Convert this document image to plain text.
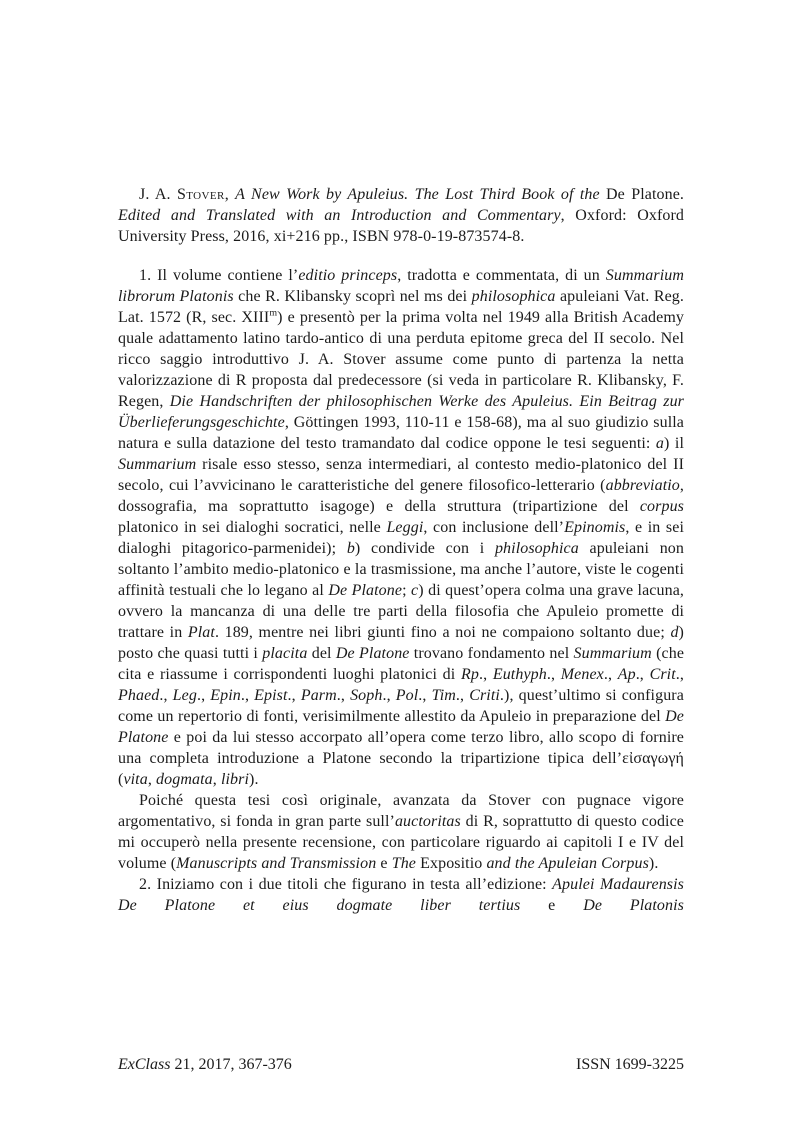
J. A. Stover, A New Work by Apuleius. The Lost Third Book of the De Platone. Edited and Translated with an Introduction and Commentary, Oxford: Oxford University Press, 2016, xi+216 pp., ISBN 978-0-19-873574-8.

1. Il volume contiene l’editio princeps, tradotta e commentata, di un Summarium librorum Platonis che R. Klibansky scoprì nel ms dei philosophica apuleiani Vat. Reg. Lat. 1572 (R, sec. XIII$^m$) e presentò per la prima volta nel 1949 alla British Academy quale adattamento latino tardo-antico di una perduta epitome greca del II secolo. Nel ricco saggio introduttivo J. A. Stover assume come punto di partenza la netta valorizzazione di R proposta dal predecessore (si veda in particolare R. Klibansky, F. Regen, Die Handschriften der philosophischen Werke des Apuleius. Ein Beitrag zur Überlieferungsgeschichte, Göttingen 1993, 110-11 e 158-68), ma al suo giudizio sulla natura e sulla datazione del testo tramandato dal codice oppone le tesi seguenti: a) il Summarium risale esso stesso, senza intermediari, al contesto medio-platonico del II secolo, cui l’avvicinano le caratteristiche del genere filosofico-letterario (abbreviatio, dossografia, ma soprattutto isagoge) e della struttura (tripartizione del corpus platonico in sei dialoghi socratici, nelle Leggi, con inclusione dell’Epinomis, e in sei dialoghi pitagorico-parmenidei); b) condivide con i philosophica apuleiani non soltanto l’ambito medio-platonico e la trasmissione, ma anche l’autore, viste le cogenti affinità testuali che lo legano al De Platone; c) di quest’opera colma una grave lacuna, ovvero la mancanza di una delle tre parti della filosofia che Apuleio promette di trattare in Plat. 189, mentre nei libri giunti fino a noi ne compaiono soltanto due; d) posto che quasi tutti i placita del De Platone trovano fondamento nel Summarium (che cita e riassume i corrispondenti luoghi platonici di Rp., Euthyph., Menex., Ap., Crit., Phaed., Leg., Epin., Epist., Parm., Soph., Pol., Tim., Criti.), quest’ultimo si configura come un repertorio di fonti, verisimilmente allestito da Apuleio in preparazione del De Platone e poi da lui stesso accorpato all’opera come terzo libro, allo scopo di fornire una completa introduzione a Platone secondo la tripartizione tipica dell’εἰσαγωγή (vita, dogmata, libri).

Poiché questa tesi così originale, avanzata da Stover con pugnace vigore argomentativo, si fonda in gran parte sull’auctoritas di R, soprattutto di questo codice mi occuperò nella presente recensione, con particolare riguardo ai capitoli I e IV del volume (Manuscripts and Transmission e The Expositio and the Apuleian Corpus).

2. Iniziamo con i due titoli che figurano in testa all’edizione: Apulei Madaurensis De Platone et eius dogmate liber tertius e De Platonis

ExClass 21, 2017, 367-376	ISSN 1699-3225
